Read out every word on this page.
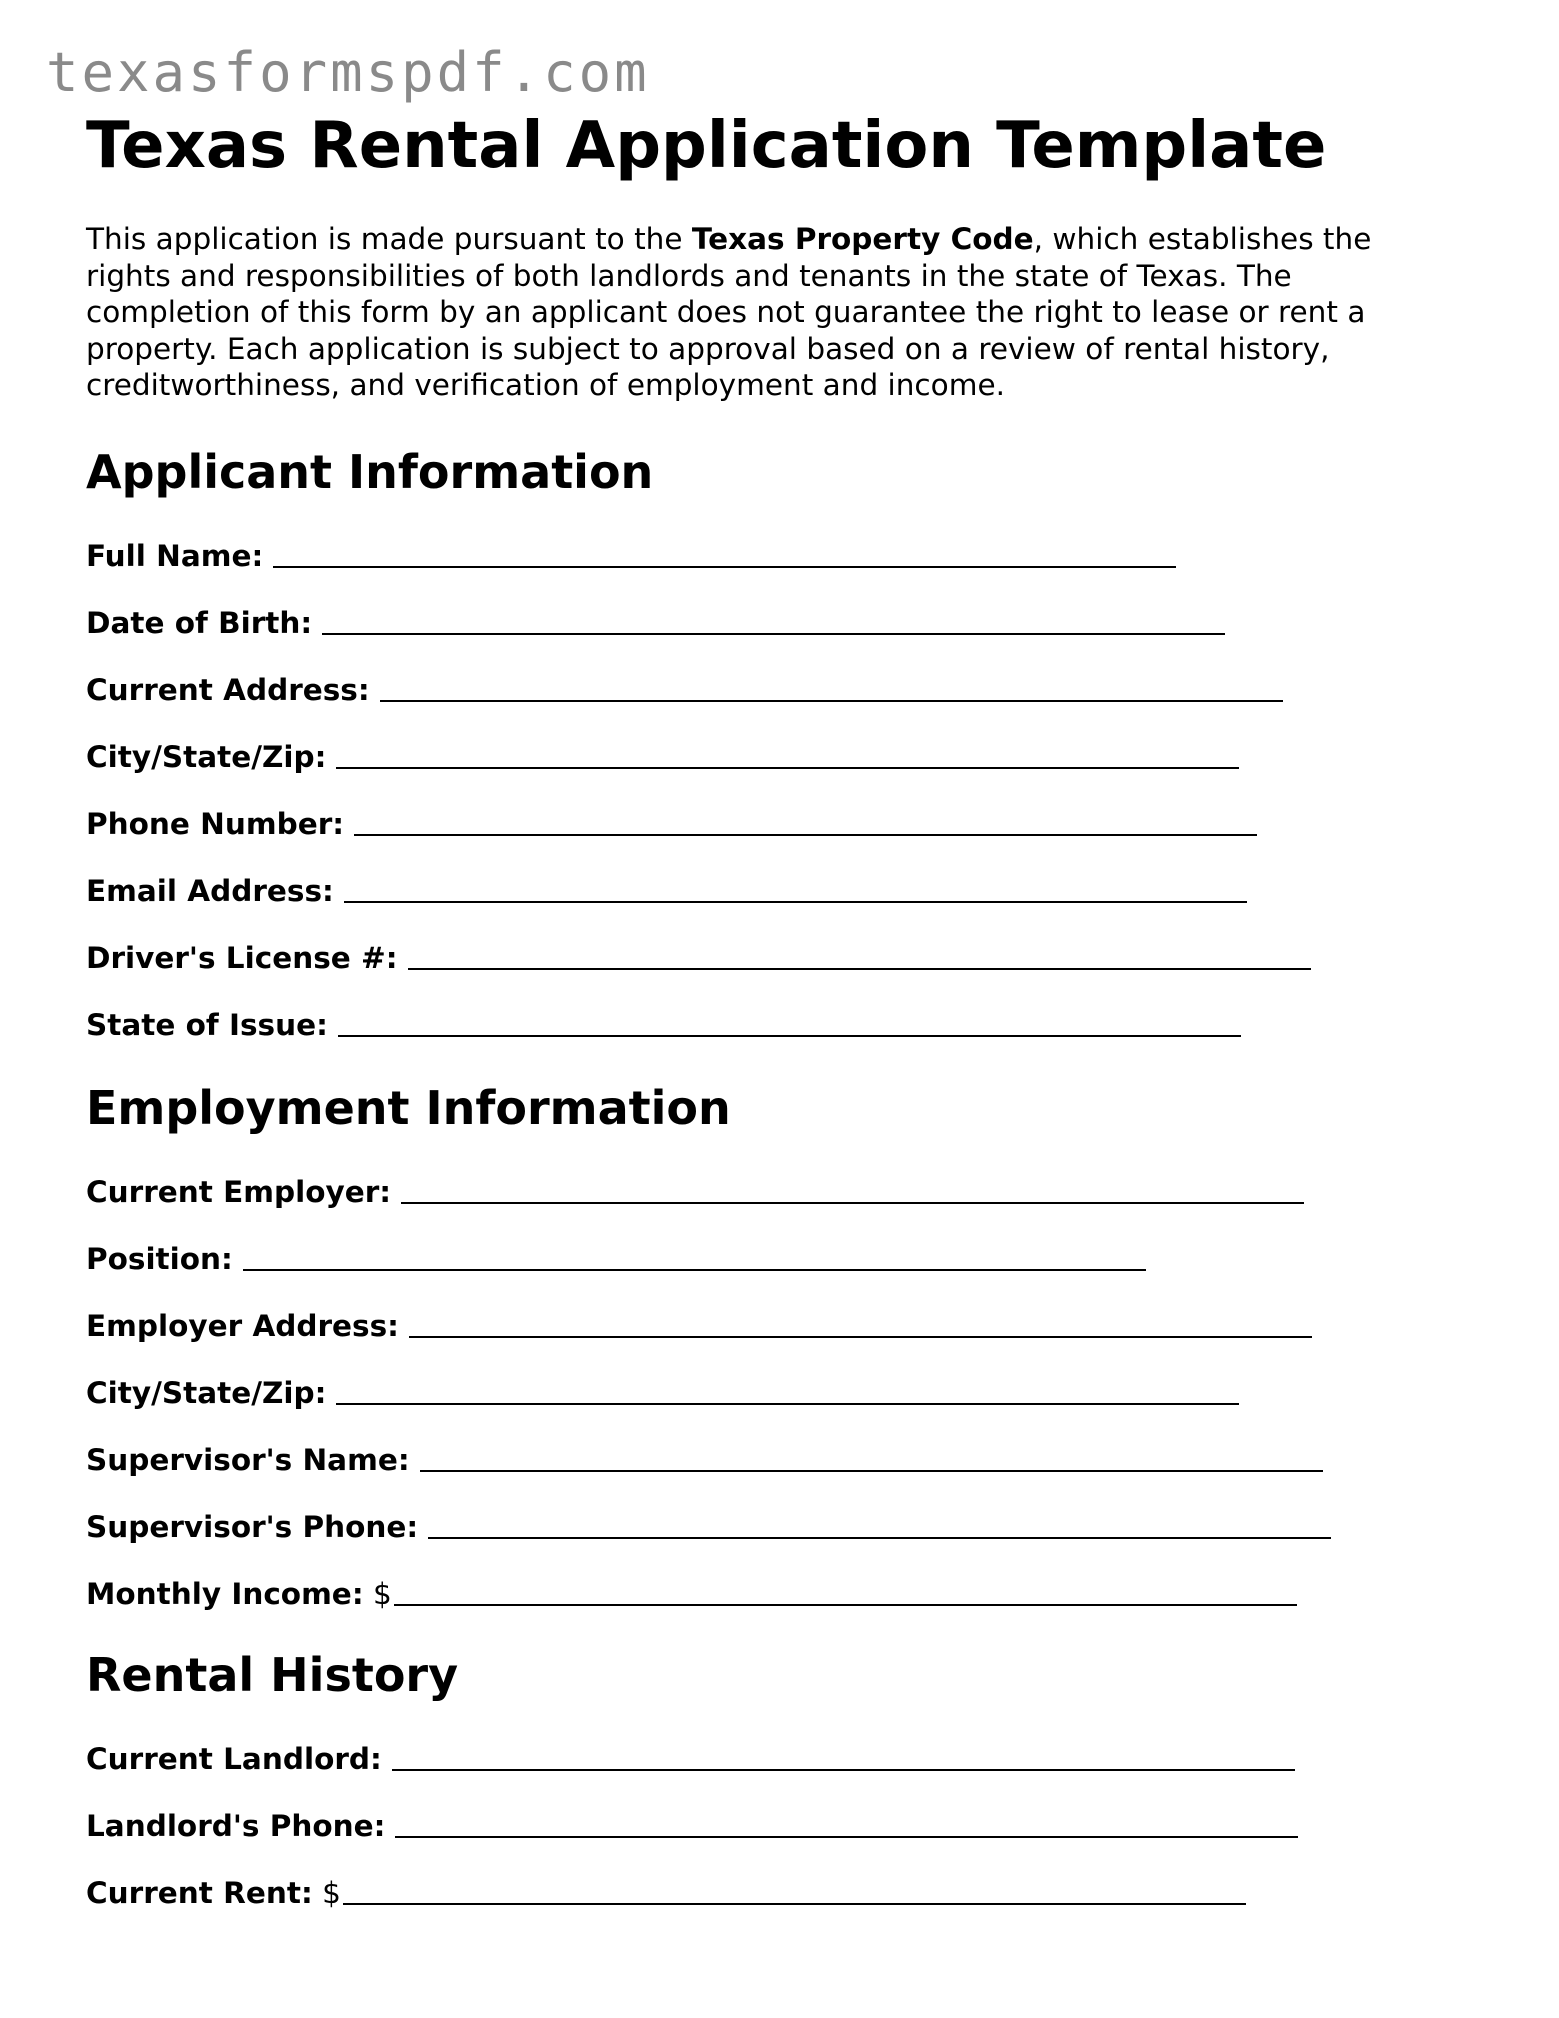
texasformspdf.com
Texas Rental Application Template

This application is made pursuant to the Texas Property Code, which establishes the rights and responsibilities of both landlords and tenants in the state of Texas. The completion of this form by an applicant does not guarantee the right to lease or rent a property. Each application is subject to approval based on a review of rental history, creditworthiness, and verification of employment and income.

Applicant Information
Full Name:
Date of Birth:
Current Address:
City/State/Zip:
Phone Number:
Email Address:
Driver's License #:
State of Issue:
Employment Information
Current Employer:
Position:
Employer Address:
City/State/Zip:
Supervisor's Name:
Supervisor's Phone:
Monthly Income: $
Rental History
Current Landlord:
Landlord's Phone:
Current Rent: $
